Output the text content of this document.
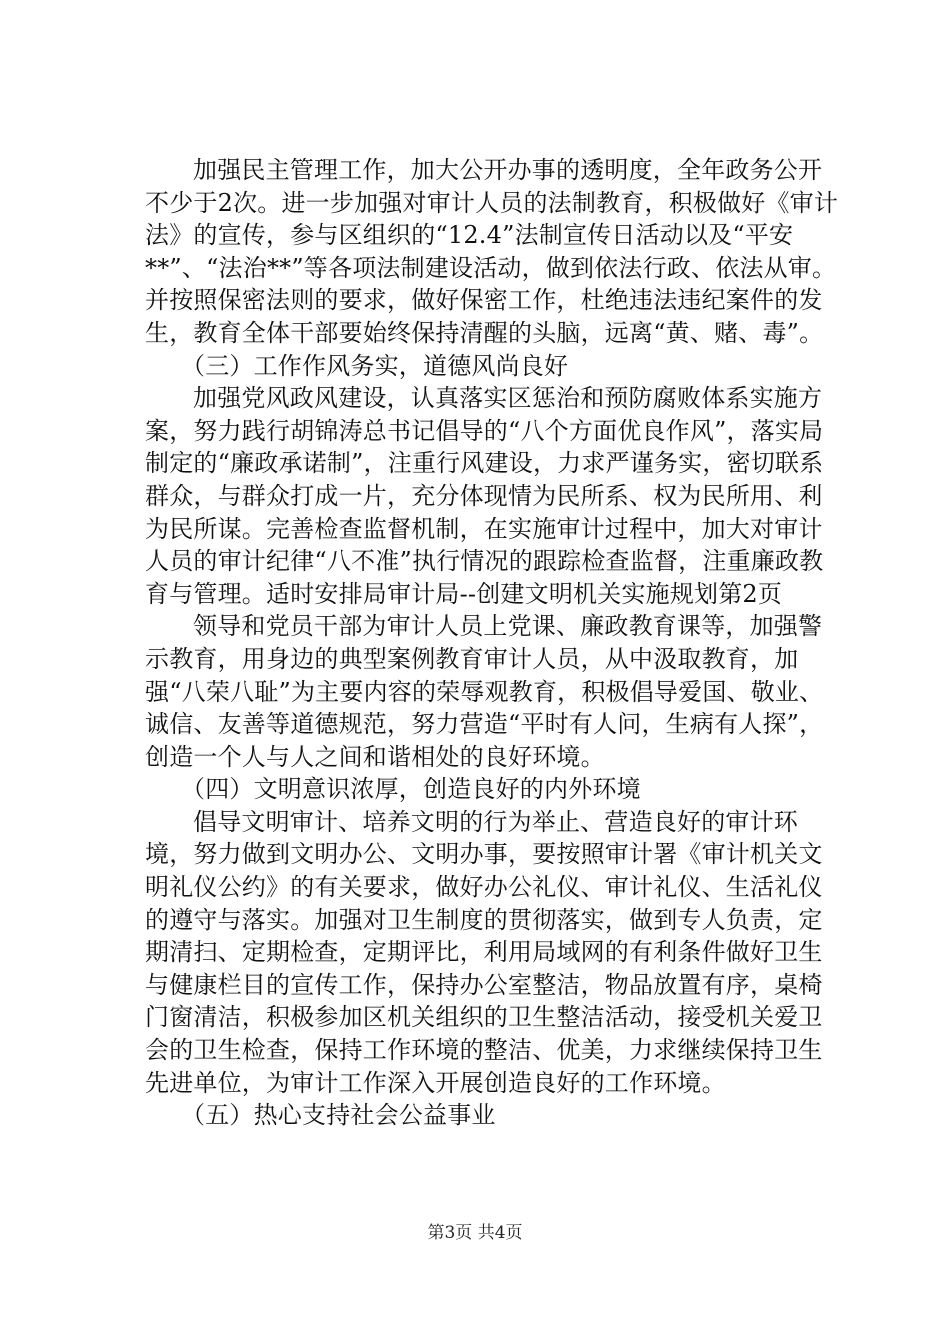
加强民主管理工作，加大公开办事的透明度，全年政务公开不少于2次。进一步加强对审计人员的法制教育，积极做好《审计法》的宣传，参与区组织的“12.4”法制宣传日活动以及“平安**”、“法治**”等各项法制建设活动，做到依法行政、依法从审。并按照保密法则的要求，做好保密工作，杜绝违法违纪案件的发生，教育全体干部要始终保持清醒的头脑，远离“黄、赌、毒”。

（三）工作作风务实，道德风尚良好

加强党风政风建设，认真落实区惩治和预防腐败体系实施方案，努力践行胡锦涛总书记倡导的“八个方面优良作风”，落实局制定的“廉政承诺制”，注重行风建设，力求严谨务实，密切联系群众，与群众打成一片，充分体现情为民所系、权为民所用、利为民所谋。完善检查监督机制，在实施审计过程中，加大对审计人员的审计纪律“八不准”执行情况的跟踪检查监督，注重廉政教育与管理。适时安排局审计局--创建文明机关实施规划第2页

领导和党员干部为审计人员上党课、廉政教育课等，加强警示教育，用身边的典型案例教育审计人员，从中汲取教育，加强“八荣八耻”为主要内容的荣辱观教育，积极倡导爱国、敬业、诚信、友善等道德规范，努力营造“平时有人问，生病有人探”，创造一个人与人之间和谐相处的良好环境。

（四）文明意识浓厚，创造良好的内外环境

倡导文明审计、培养文明的行为举止、营造良好的审计环境，努力做到文明办公、文明办事，要按照审计署《审计机关文明礼仪公约》的有关要求，做好办公礼仪、审计礼仪、生活礼仪的遵守与落实。加强对卫生制度的贯彻落实，做到专人负责，定期清扫、定期检查，定期评比，利用局域网的有利条件做好卫生与健康栏目的宣传工作，保持办公室整洁，物品放置有序，桌椅门窗清洁，积极参加区机关组织的卫生整洁活动，接受机关爱卫会的卫生检查，保持工作环境的整洁、优美，力求继续保持卫生先进单位，为审计工作深入开展创造良好的工作环境。

（五）热心支持社会公益事业

第3页 共4页
